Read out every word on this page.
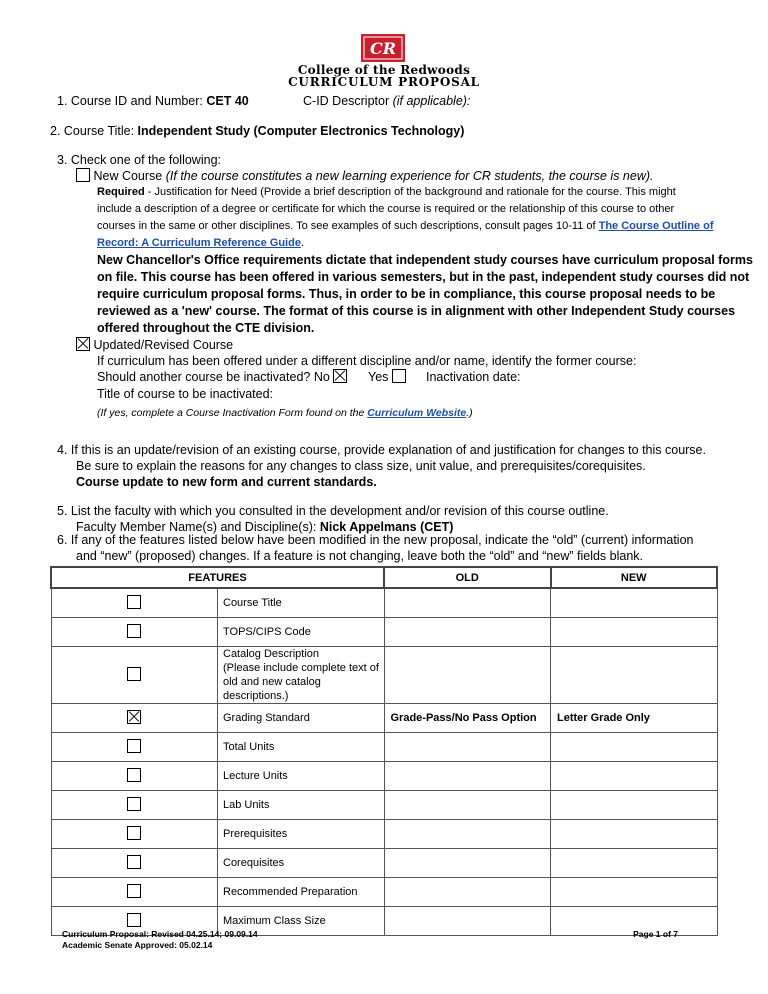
CR
College of the Redwoods
CURRICULUM PROPOSAL
1. Course ID and Number: CET 40	C-ID Descriptor (if applicable):
2. Course Title: Independent Study (Computer Electronics Technology)
3. Check one of the following:
New Course (If the course constitutes a new learning experience for CR students, the course is new).
Required - Justification for Need (Provide a brief description of the background and rationale for the course. This might
include a description of a degree or certificate for which the course is required or the relationship of this course to other
courses in the same or other disciplines. To see examples of such descriptions, consult pages 10-11 of The Course Outline of
Record: A Curriculum Reference Guide.
New Chancellor's Office requirements dictate that independent study courses have curriculum proposal forms
on file. This course has been offered in various semesters, but in the past, independent study courses did not
require curriculum proposal forms. Thus, in order to be in compliance, this course proposal needs to be
reviewed as a 'new' course. The format of this course is in alignment with other Independent Study courses
offered throughout the CTE division.
Updated/Revised Course
If curriculum has been offered under a different discipline and/or name, identify the former course:
Should another course be inactivated? No	Yes	Inactivation date:
Title of course to be inactivated:
(If yes, complete a Course Inactivation Form found on the Curriculum Website.)
4. If this is an update/revision of an existing course, provide explanation of and justification for changes to this course.
Be sure to explain the reasons for any changes to class size, unit value, and prerequisites/corequisites.
Course update to new form and current standards.
5. List the faculty with which you consulted in the development and/or revision of this course outline.
Faculty Member Name(s) and Discipline(s): Nick Appelmans (CET)
6. If any of the features listed below have been modified in the new proposal, indicate the “old” (current) information
FEATURES		OLD	NEW

	Course Title		

	TOPS/CIPS Code		

	Catalog Description
(Please include complete text of
old and new catalog descriptions.)		

	Grading Standard	Grade-Pass/No Pass Option	Letter Grade Only

	Total Units		

	Lecture Units		

	Lab Units		

	Prerequisites		

	Corequisites		

	Recommended Preparation		

	Maximum Class Size		

Curriculum Proposal: Revised 04.25.14; 09.09.14
Academic Senate Approved: 05.02.14
Page 1 of 7
and “new” (proposed) changes. If a feature is not changing, leave both the “old” and “new” fields blank.
